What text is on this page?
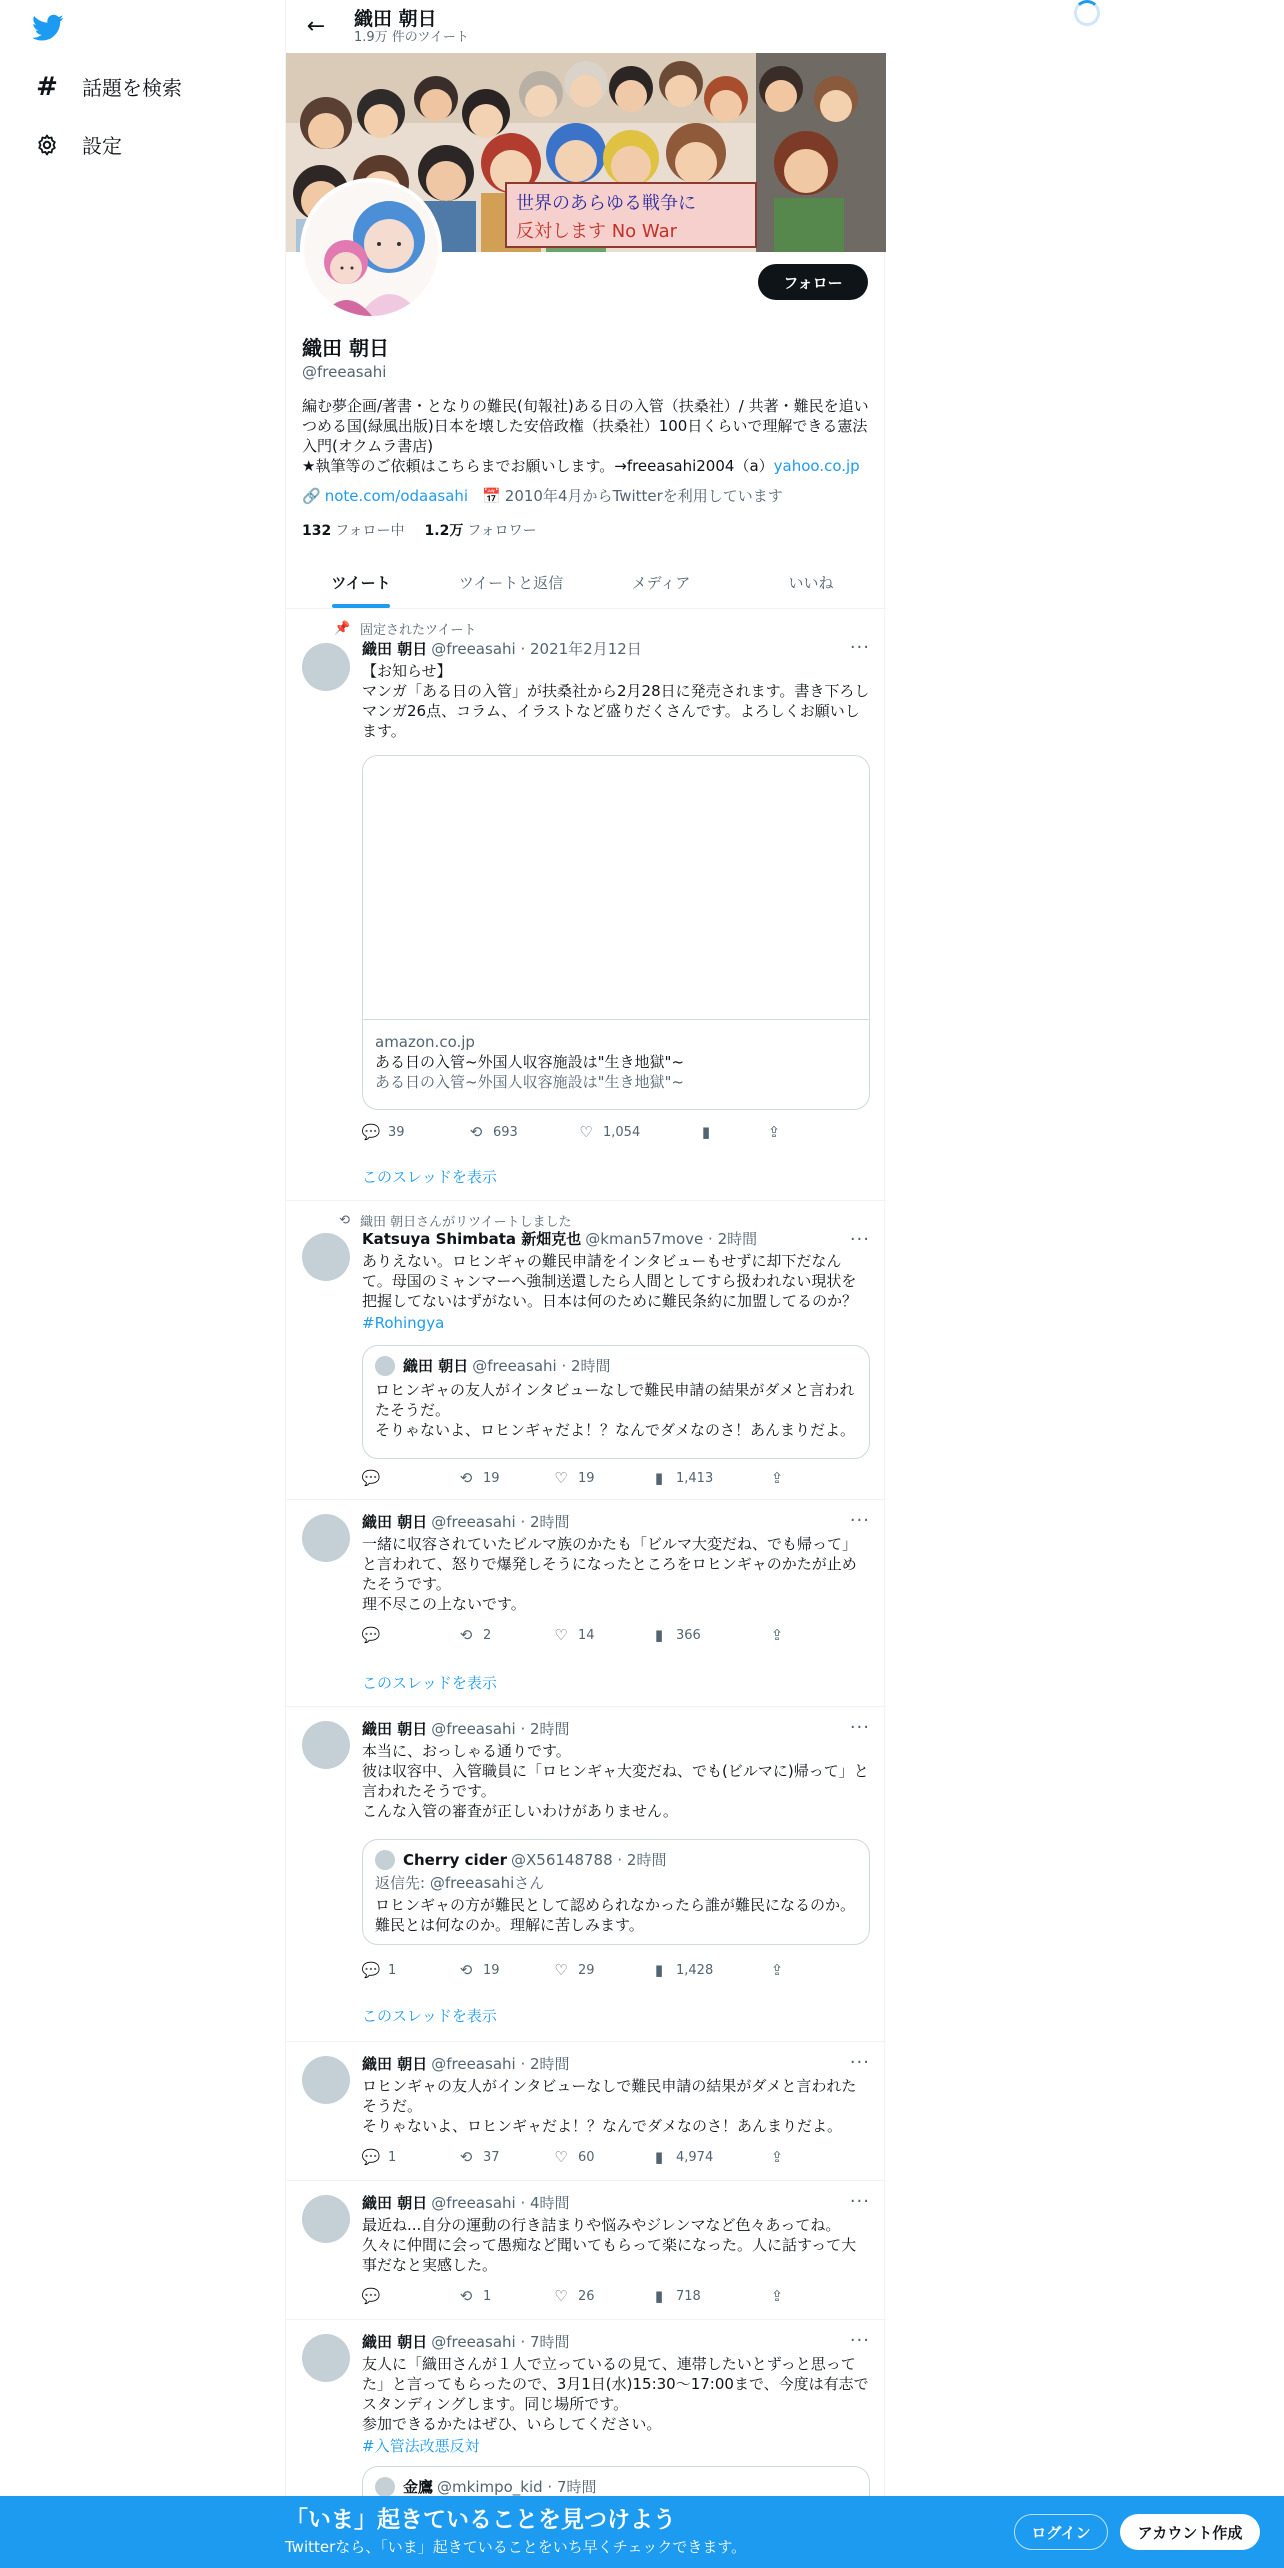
# 話題を検索
設定
←	織田 朝日
1.9万 件のツイート
世界のあらゆる戦争に
反対します No War
フォロー
織田 朝日
@freeasahi
編む夢企画/著書・となりの難民(旬報社)ある日の入管（扶桑社）/ 共著・難民を追いつめる国(緑風出版)日本を壊した安倍政権（扶桑社）100日くらいで理解できる憲法入門(オクムラ書店)
★執筆等のご依頼はこちらまでお願いします。→freeasahi2004（a）yahoo.co.jp
🔗 note.com/odaasahi 📅 2010年4月からTwitterを利用しています
132 フォロー中 1.2万 フォロワー
ツイート	ツイートと返信	メディア	いいね
📌 固定されたツイート
···
織田 朝日 @freeasahi · 2021年2月12日
【お知らせ】
マンガ「ある日の入管」が扶桑社から2月28日に発売されます。書き下ろしマンガ26点、コラム、イラストなど盛りだくさんです。よろしくお願いします。
amazon.co.jp
ある日の入管~外国人収容施設は"生き地獄"~
ある日の入管~外国人収容施設は"生き地獄"~
💬 39	⟲ 693	♡ 1,054	▮	⇪
このスレッドを表示
⟲ 織田 朝日さんがリツイートしました
···
Katsuya Shimbata 新畑克也 @kman57move · 2時間
ありえない。ロヒンギャの難民申請をインタビューもせずに却下だなんて。母国のミャンマーへ強制送還したら人間としてすら扱われない現状を把握してないはずがない。日本は何のために難民条約に加盟してるのか？
#Rohingya
織田 朝日 @freeasahi · 2時間
ロヒンギャの友人がインタビューなしで難民申請の結果がダメと言われたそうだ。
そりゃないよ、ロヒンギャだよ！？なんでダメなのさ！あんまりだよ。
💬	⟲ 19	♡ 19	▮ 1,413	⇪
···
織田 朝日 @freeasahi · 2時間
一緒に収容されていたビルマ族のかたも「ビルマ大変だね、でも帰って」と言われて、怒りで爆発しそうになったところをロヒンギャのかたが止めたそうです。
理不尽この上ないです。
💬	⟲ 2	♡ 14	▮ 366	⇪
このスレッドを表示
···
織田 朝日 @freeasahi · 2時間
本当に、おっしゃる通りです。
彼は収容中、入管職員に「ロヒンギャ大変だね、でも(ビルマに)帰って」と言われたそうです。
こんな入管の審査が正しいわけがありません。
Cherry cider @X56148788 · 2時間
返信先: @freeasahiさん
ロヒンギャの方が難民として認められなかったら誰が難民になるのか。
難民とは何なのか。理解に苦しみます。
💬 1	⟲ 19	♡ 29	▮ 1,428	⇪
このスレッドを表示
···
織田 朝日 @freeasahi · 2時間
ロヒンギャの友人がインタビューなしで難民申請の結果がダメと言われたそうだ。
そりゃないよ、ロヒンギャだよ！？なんでダメなのさ！あんまりだよ。
💬 1	⟲ 37	♡ 60	▮ 4,974	⇪
···
織田 朝日 @freeasahi · 4時間
最近ね...自分の運動の行き詰まりや悩みやジレンマなど色々あってね。
久々に仲間に会って愚痴など聞いてもらって楽になった。人に話すって大事だなと実感した。
💬	⟲ 1	♡ 26	▮ 718	⇪
···
織田 朝日 @freeasahi · 7時間
友人に「織田さんが１人で立っているの見て、連帯したいとずっと思ってた」と言ってもらったので、3月1日(水)15:30～17:00まで、今度は有志でスタンディングします。同じ場所です。
参加できるかたはぜひ、いらしてください。
#入管法改悪反対
金鷹 @mkimpo_kid · 7時間
「いま」起きていることを見つけよう
Twitterなら、「いま」起きていることをいち早くチェックできます。
ログイン	アカウント作成
